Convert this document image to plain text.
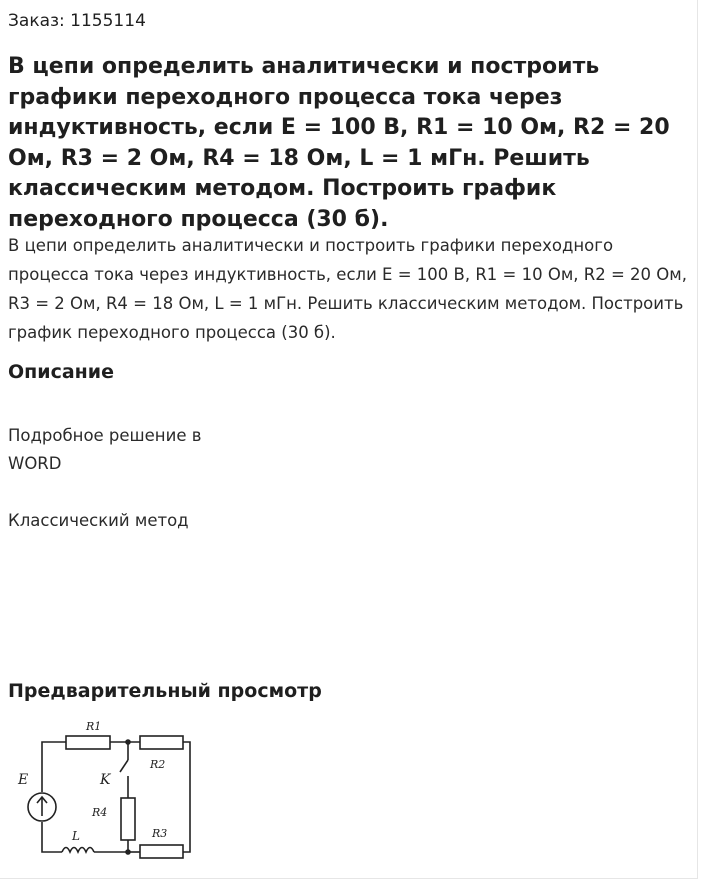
Заказ: 1155114
В цепи определить аналитически и построить графики переходного процесса тока через индуктивность, если E = 100 B, R1 = 10 Ом, R2 = 20 Ом, R3 = 2 Ом, R4 = 18 Ом, L = 1 мГн. Решить классическим методом. Построить график переходного процесса (30 б).

В цепи определить аналитически и построить графики переходного процесса тока через индуктивность, если E = 100 B, R1 = 10 Ом, R2 = 20 Ом, R3 = 2 Ом, R4 = 18 Ом, L = 1 мГн. Решить классическим методом. Построить график переходного процесса (30 б).

Описание

Подробное решение в

WORD

Классический метод

Предварительный просмотр
R1
R2
R3
R4
E	K
L
